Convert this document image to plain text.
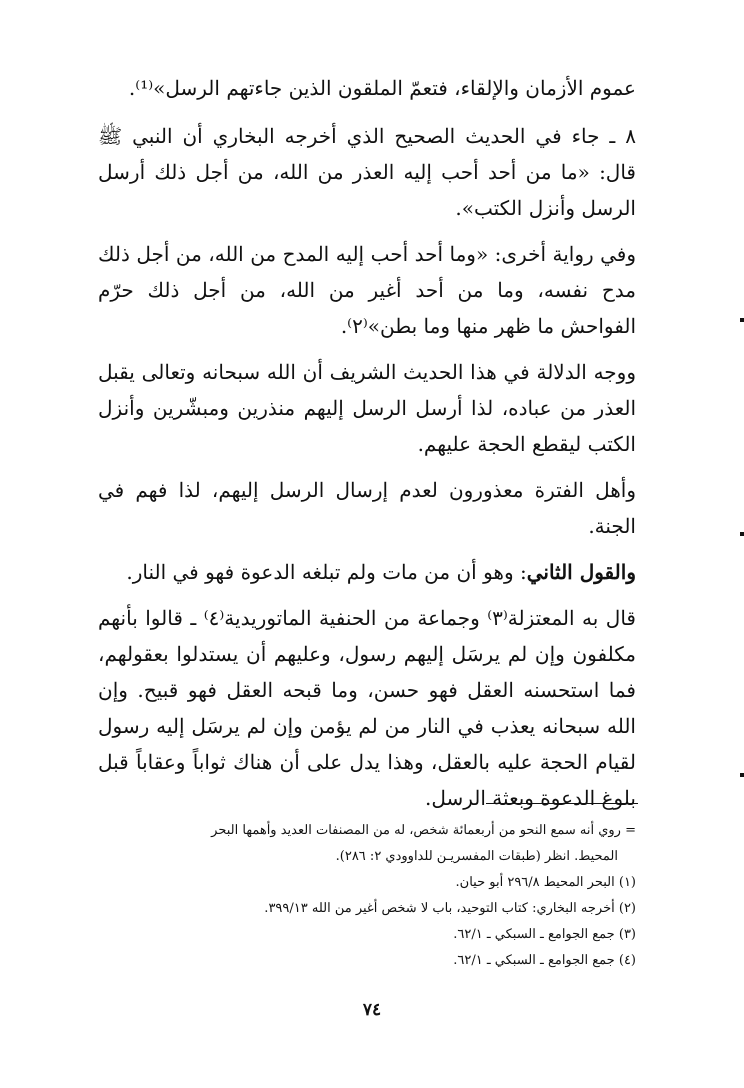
عموم الأزمان والإلقاء، فتعمّ الملقون الذين جاءتهم الرسل»⁽¹⁾.

٨ ـ جاء في الحديث الصحيح الذي أخرجه البخاري أن النبي ﷺ قال: «ما من أحد أحب إليه العذر من الله، من أجل ذلك أرسل الرسل وأنزل الكتب».

وفي رواية أخرى: «وما أحد أحب إليه المدح من الله، من أجل ذلك مدح نفسه، وما من أحد أغير من الله، من أجل ذلك حرّم الفواحش ما ظهر منها وما بطن»⁽٢⁾.

ووجه الدلالة في هذا الحديث الشريف أن الله سبحانه وتعالى يقبل العذر من عباده، لذا أرسل الرسل إليهم منذرين ومبشّرين وأنزل الكتب ليقطع الحجة عليهم.

وأهل الفترة معذورون لعدم إرسال الرسل إليهم، لذا فهم في الجنة.

والقول الثاني: وهو أن من مات ولم تبلغه الدعوة فهو في النار.

قال به المعتزلة⁽٣⁾ وجماعة من الحنفية الماتوريدية⁽٤⁾ ـ قالوا بأنهم مكلفون وإن لم يرسَل إليهم رسول، وعليهم أن يستدلوا بعقولهم، فما استحسنه العقل فهو حسن، وما قبحه العقل فهو قبيح. وإن الله سبحانه يعذب في النار من لم يؤمن وإن لم يرسَل إليه رسول لقيام الحجة عليه بالعقل، وهذا يدل على أن هناك ثواباً وعقاباً قبل بلوغ الدعوة وبعثة الرسل.

= روي أنه سمع النحو من أربعمائة شخص، له من المصنفات العديد وأهمها البحر

المحيط. انظر (طبقات المفسريـن للداوودي ٢: ٢٨٦).

(١) البحر المحيط ٢٩٦/٨ أبو حيان.

(٢) أخرجه البخاري: كتاب التوحيد، باب لا شخص أغير من الله ٣٩٩/١٣.

(٣) جمع الجوامع ـ السبكي ـ ٦٢/١.

(٤) جمع الجوامع ـ السبكي ـ ٦٢/١.

٧٤
